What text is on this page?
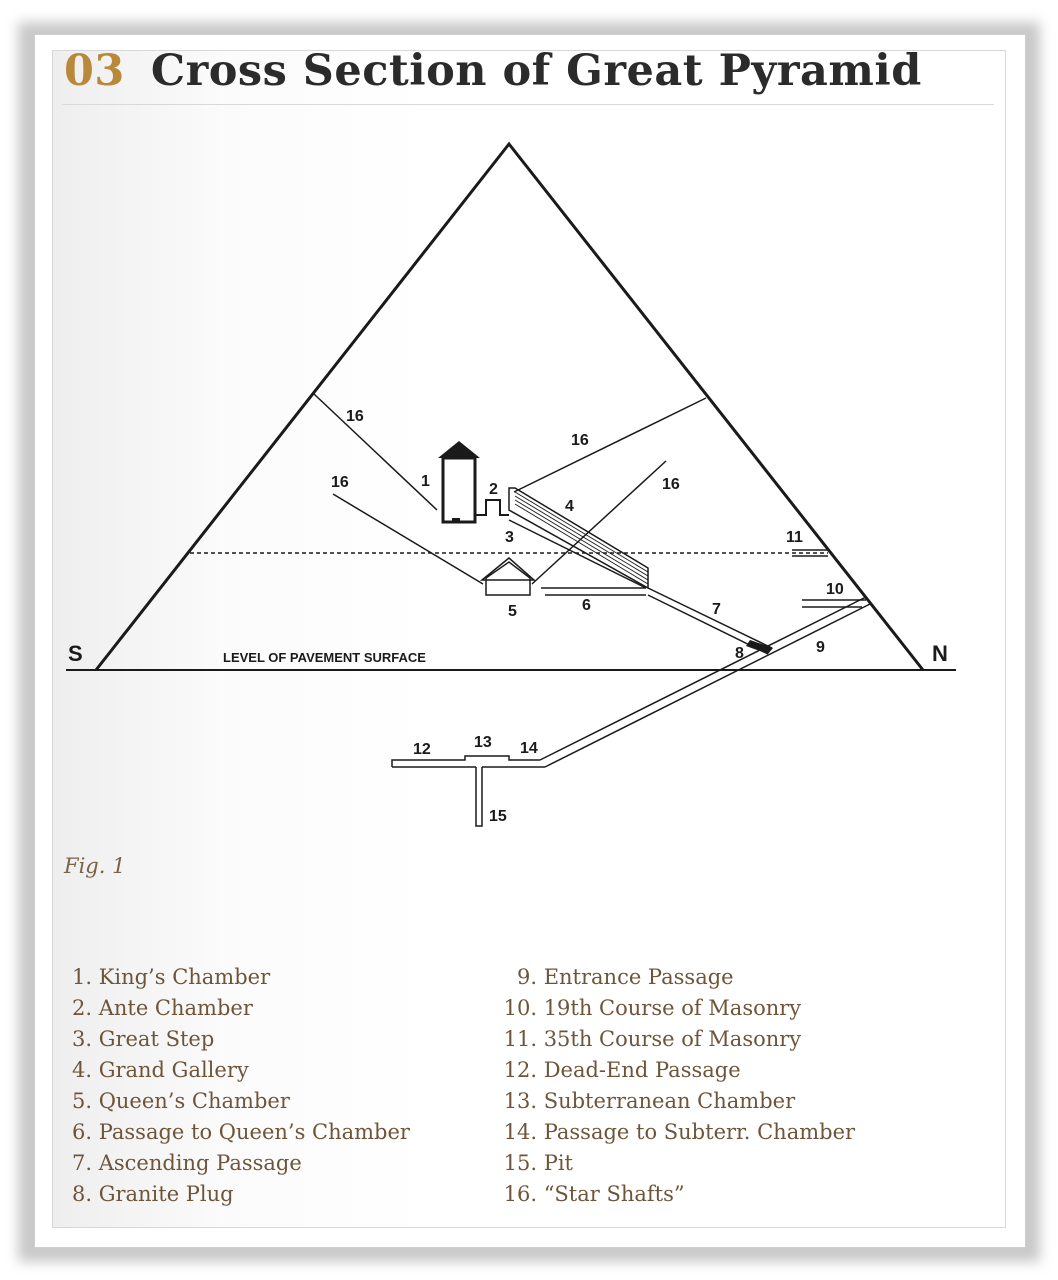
03 Cross Section of Great Pyramid
S	N
LEVEL OF PAVEMENT SURFACE
1	2
3
4
5	6	7
8	9
10
11
12	13 14
15
16
16
16	16
Fig. 1
1. King’s Chamber
2. Ante Chamber
3. Great Step
4. Grand Gallery
5. Queen’s Chamber
6. Passage to Queen’s Chamber
7. Ascending Passage
8. Granite Plug
9. Entrance Passage
10. 19th Course of Masonry
11. 35th Course of Masonry
12. Dead-End Passage
13. Subterranean Chamber
14. Passage to Subterr. Chamber
15. Pit
16. “Star Shafts”
